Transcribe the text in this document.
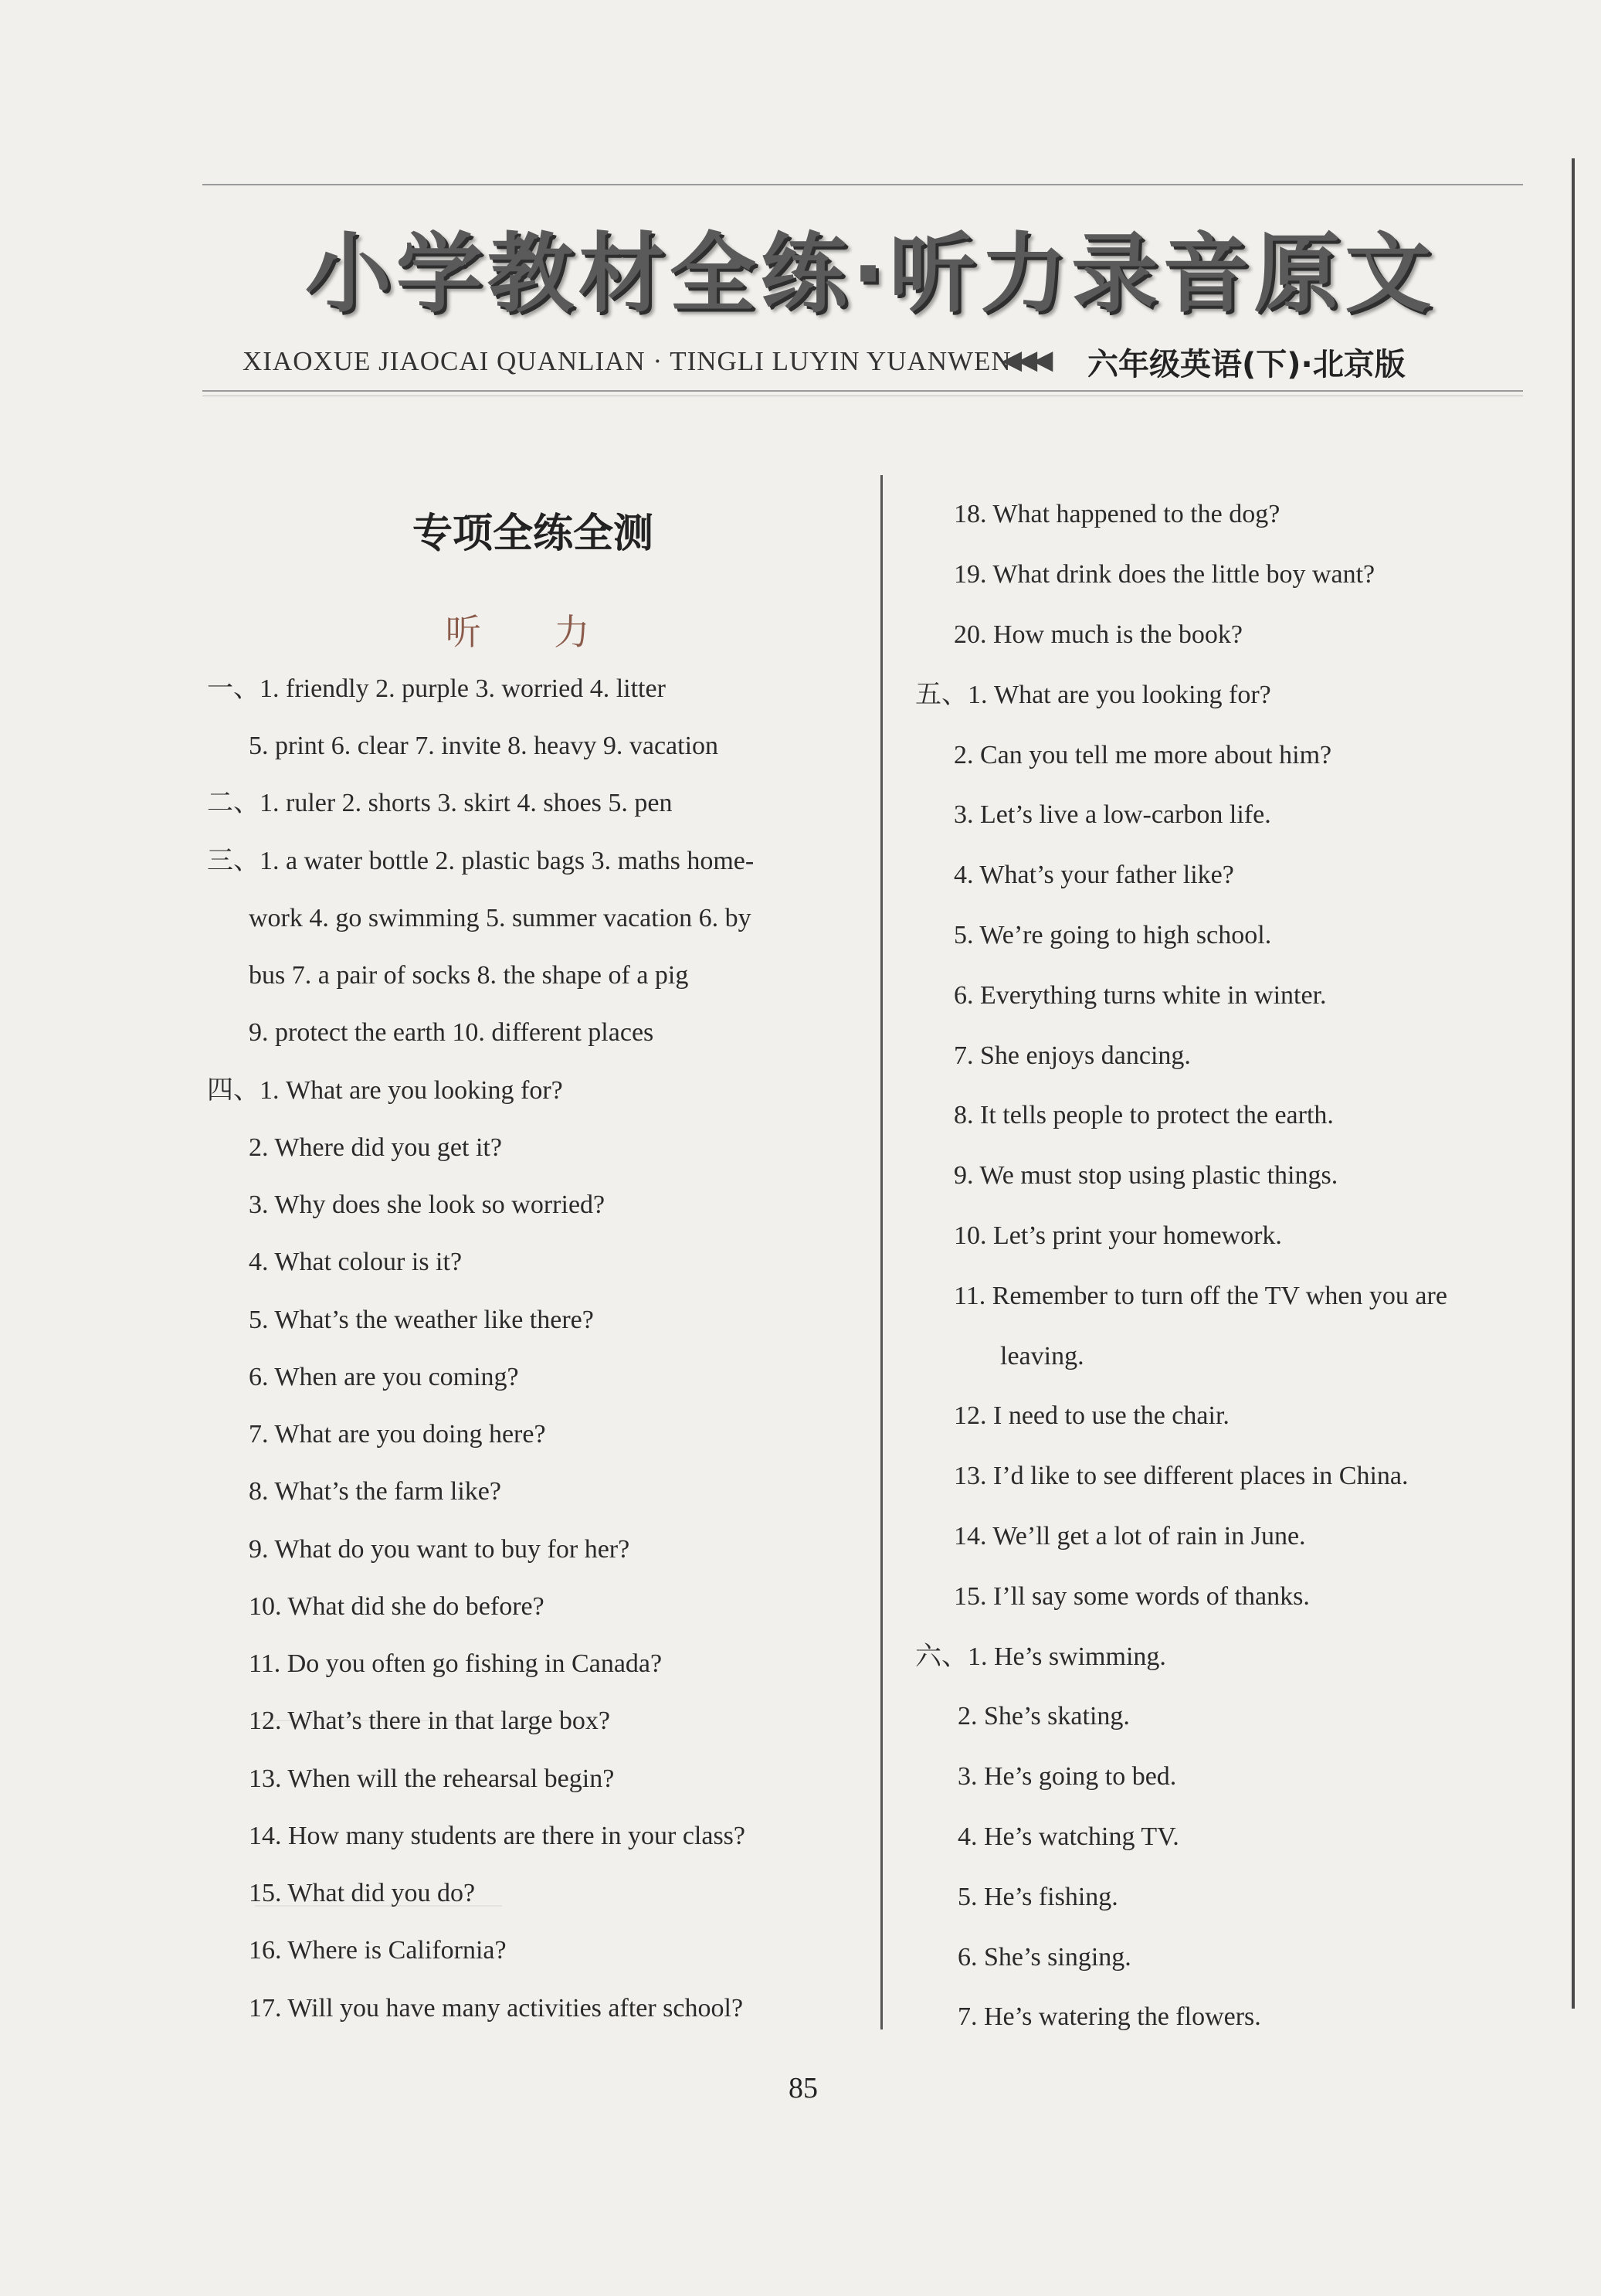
小学教材全练·听力录音原文
XIAOXUE JIAOCAI QUANLIAN · TINGLI LUYIN YUANWEN
◀◀◀ 六年级英语(下)·北京版
专项全练全测
听 力
一、1. friendly 2. purple 3. worried 4. litter
5. print 6. clear 7. invite 8. heavy 9. vacation
二、1. ruler 2. shorts 3. skirt 4. shoes 5. pen
三、1. a water bottle 2. plastic bags 3. maths home-
work 4. go swimming 5. summer vacation 6. by
bus 7. a pair of socks 8. the shape of a pig
9. protect the earth 10. different places
四、1. What are you looking for?
2. Where did you get it?
3. Why does she look so worried?
4. What colour is it?
5. What’s the weather like there?
6. When are you coming?
7. What are you doing here?
8. What’s the farm like?
9. What do you want to buy for her?
10. What did she do before?
11. Do you often go fishing in Canada?
12. What’s there in that large box?
13. When will the rehearsal begin?
14. How many students are there in your class?
15. What did you do?
16. Where is California?
17. Will you have many activities after school?
18. What happened to the dog?
19. What drink does the little boy want?
20. How much is the book?
五、1. What are you looking for?
2. Can you tell me more about him?
3. Let’s live a low-carbon life.
4. What’s your father like?
5. We’re going to high school.
6. Everything turns white in winter.
7. She enjoys dancing.
8. It tells people to protect the earth.
9. We must stop using plastic things.
10. Let’s print your homework.
11. Remember to turn off the TV when you are
leaving.
12. I need to use the chair.
13. I’d like to see different places in China.
14. We’ll get a lot of rain in June.
15. I’ll say some words of thanks.
六、1. He’s swimming.
2. She’s skating.
3. He’s going to bed.
4. He’s watching TV.
5. He’s fishing.
6. She’s singing.
7. He’s watering the flowers.
85
